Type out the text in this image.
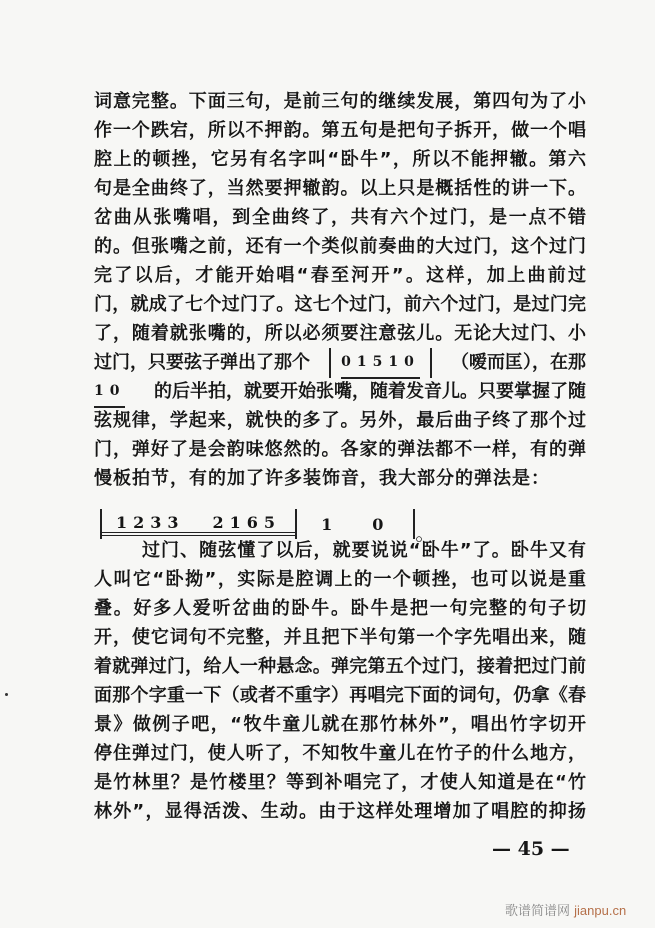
词意完整。下面三句，是前三句的继续发展，第四句为了小
作一个跌宕，所以不押韵。第五句是把句子拆开，做一个唱
腔上的顿挫，它另有名字叫“卧牛”，所以不能押辙。第六
句是全曲终了，当然要押辙韵。以上只是概括性的讲一下。
岔曲从张嘴唱，到全曲终了，共有六个过门，是一点不错
的。但张嘴之前，还有一个类似前奏曲的大过门，这个过门
完了以后，才能开始唱“春至河开”。这样，加上曲前过
门，就成了七个过门了。这七个过门，前六个过门，是过门完
了，随着就张嘴的，所以必须要注意弦儿。无论大过门、小
过门，只要弦子弹出了那个 01510 （嗳而匡），在那
10 的后半拍，就要开始张嘴，随着发音儿。只要掌握了随
弦规律，学起来，就快的多了。另外，最后曲子终了那个过
门，弹好了是会韵味悠然的。各家的弹法都不一样，有的弹
慢板拍节，有的加了许多装饰音，我大部分的弹法是：
1233	2165	1	0	。
过门、随弦懂了以后，就要说说“卧牛”了。卧牛又有
人叫它“卧拗”，实际是腔调上的一个顿挫，也可以说是重
叠。好多人爱听岔曲的卧牛。卧牛是把一句完整的句子切
开，使它词句不完整，并且把下半句第一个字先唱出来，随
着就弹过门，给人一种悬念。弹完第五个过门，接着把过门前
面那个字重一下（或者不重字）再唱完下面的词句，仍拿《春
景》做例子吧，“牧牛童儿就在那竹林外”，唱出竹字切开
停住弹过门，使人听了，不知牧牛童儿在竹子的什么地方，
是竹林里？是竹楼里？等到补唱完了，才使人知道是在“竹
林外”，显得活泼、生动。由于这样处理增加了唱腔的抑扬
— 45 —
歌谱简谱网 jianpu.cn
